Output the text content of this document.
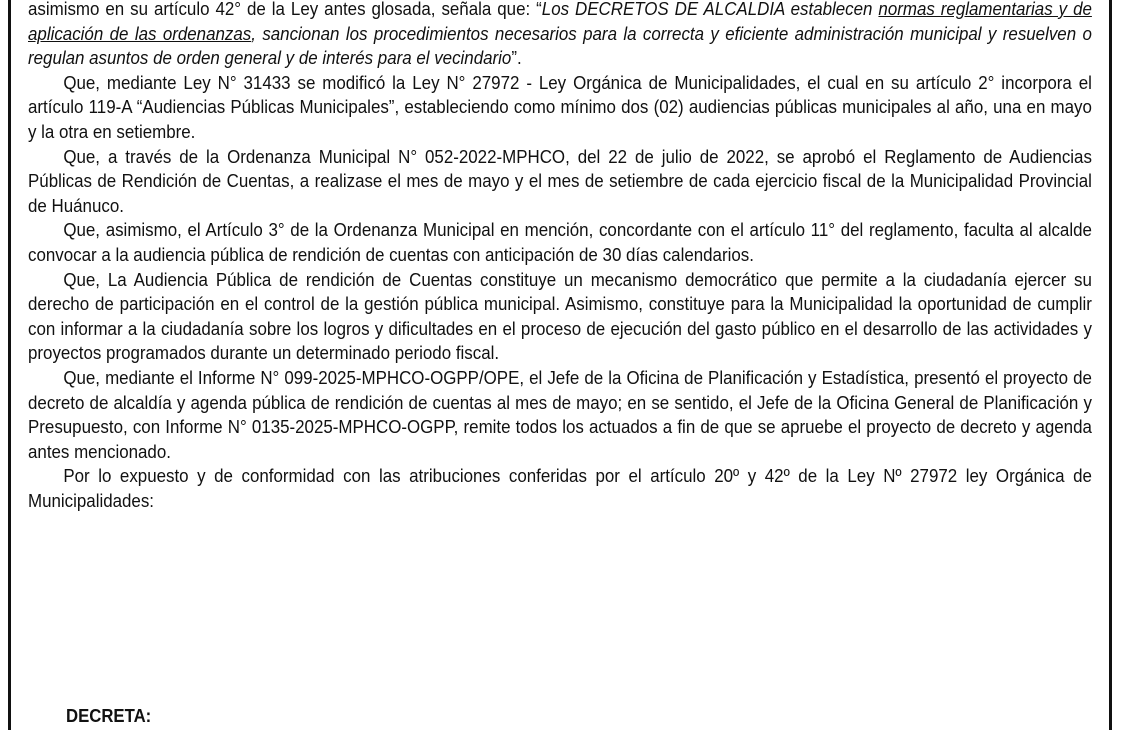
asimismo en su artículo 42° de la Ley antes glosada, señala que: “Los DECRETOS DE ALCALDIA establecen normas reglamentarias y de aplicación de las ordenanzas, sancionan los procedimientos necesarios para la correcta y eficiente administración municipal y resuelven o regulan asuntos de orden general y de interés para el vecindario”.

Que, mediante Ley N° 31433 se modificó la Ley N° 27972 - Ley Orgánica de Municipalidades, el cual en su artículo 2° incorpora el artículo 119-A “Audiencias Públicas Municipales”, estableciendo como mínimo dos (02) audiencias públicas municipales al año, una en mayo y la otra en setiembre.

Que, a través de la Ordenanza Municipal N° 052-2022-MPHCO, del 22 de julio de 2022, se aprobó el Reglamento de Audiencias Públicas de Rendición de Cuentas, a realizase el mes de mayo y el mes de setiembre de cada ejercicio fiscal de la Municipalidad Provincial de Huánuco.

Que, asimismo, el Artículo 3° de la Ordenanza Municipal en mención, concordante con el artículo 11° del reglamento, faculta al alcalde convocar a la audiencia pública de rendición de cuentas con anticipación de 30 días calendarios.

Que, La Audiencia Pública de rendición de Cuentas constituye un mecanismo democrático que permite a la ciudadanía ejercer su derecho de participación en el control de la gestión pública municipal. Asimismo, constituye para la Municipalidad la oportunidad de cumplir con informar a la ciudadanía sobre los logros y dificultades en el proceso de ejecución del gasto público en el desarrollo de las actividades y proyectos programados durante un determinado periodo fiscal.

Que, mediante el Informe N° 099-2025-MPHCO-OGPP/OPE, el Jefe de la Oficina de Planificación y Estadística, presentó el proyecto de decreto de alcaldía y agenda pública de rendición de cuentas al mes de mayo; en se sentido, el Jefe de la Oficina General de Planificación y Presupuesto, con Informe N° 0135-2025-MPHCO-OGPP, remite todos los actuados a fin de que se apruebe el proyecto de decreto y agenda antes mencionado.

Por lo expuesto y de conformidad con las atribuciones conferidas por el artículo 20º y 42º de la Ley Nº 27972 ley Orgánica de Municipalidades:

DECRETA:
